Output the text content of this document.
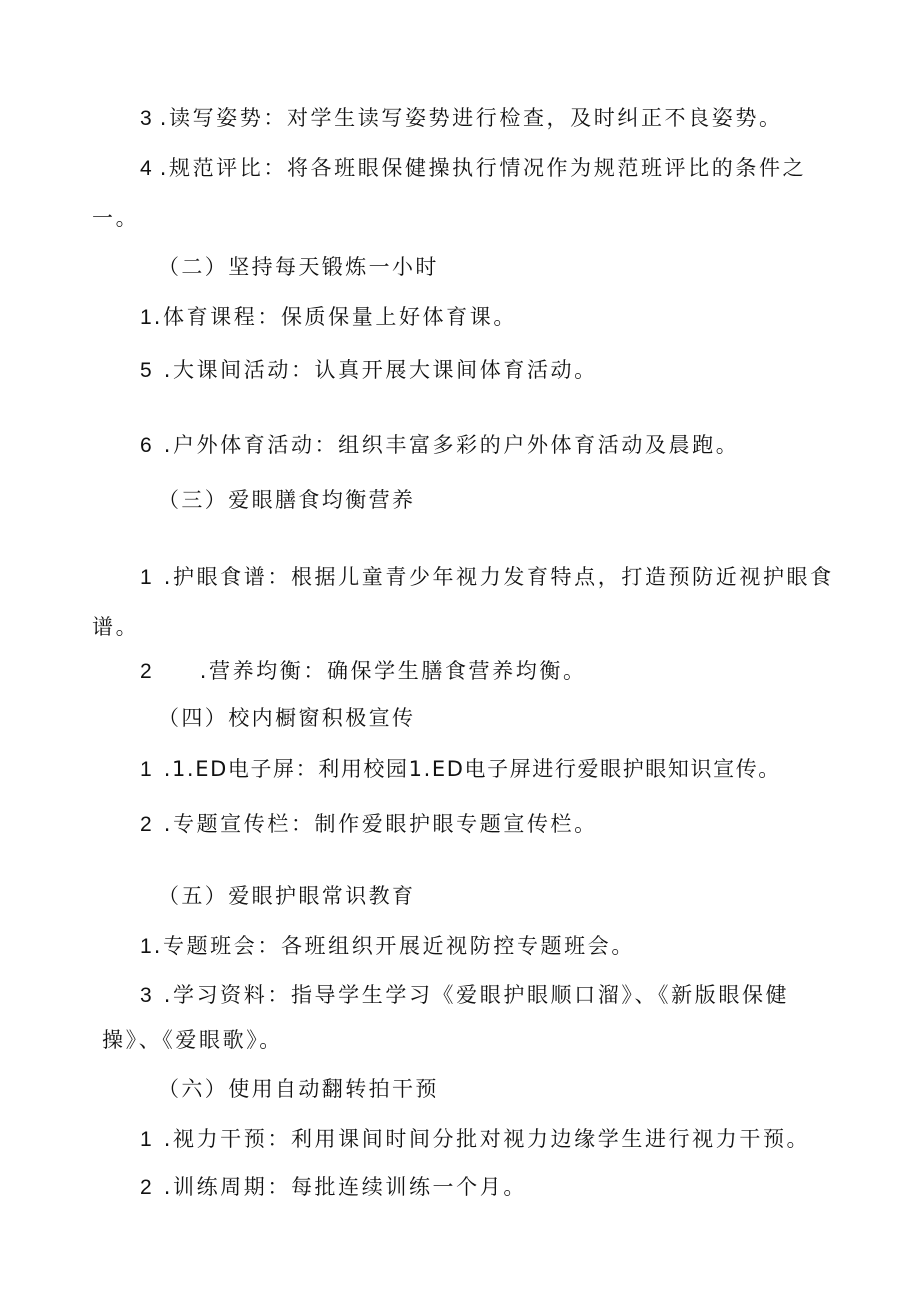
3 .读写姿势：对学生读写姿势进行检查，及时纠正不良姿势。
4 .规范评比：将各班眼保健操执行情况作为规范班评比的条件之
一。
（二）坚持每天锻炼一小时
1.体育课程：保质保量上好体育课。
5 .大课间活动：认真开展大课间体育活动。
6 .户外体育活动：组织丰富多彩的户外体育活动及晨跑。
（三）爱眼膳食均衡营养
1 .护眼食谱：根据儿童青少年视力发育特点，打造预防近视护眼食
谱。
2 .营养均衡：确保学生膳食营养均衡。
（四）校内橱窗积极宣传
1 .1.ED电子屏：利用校园1.ED电子屏进行爱眼护眼知识宣传。
2 .专题宣传栏：制作爱眼护眼专题宣传栏。
（五）爱眼护眼常识教育
1.专题班会：各班组织开展近视防控专题班会。
3 .学习资料：指导学生学习《爱眼护眼顺口溜》、《新版眼保健
操》、《爱眼歌》。
（六）使用自动翻转拍干预
1 .视力干预：利用课间时间分批对视力边缘学生进行视力干预。
2 .训练周期：每批连续训练一个月。
